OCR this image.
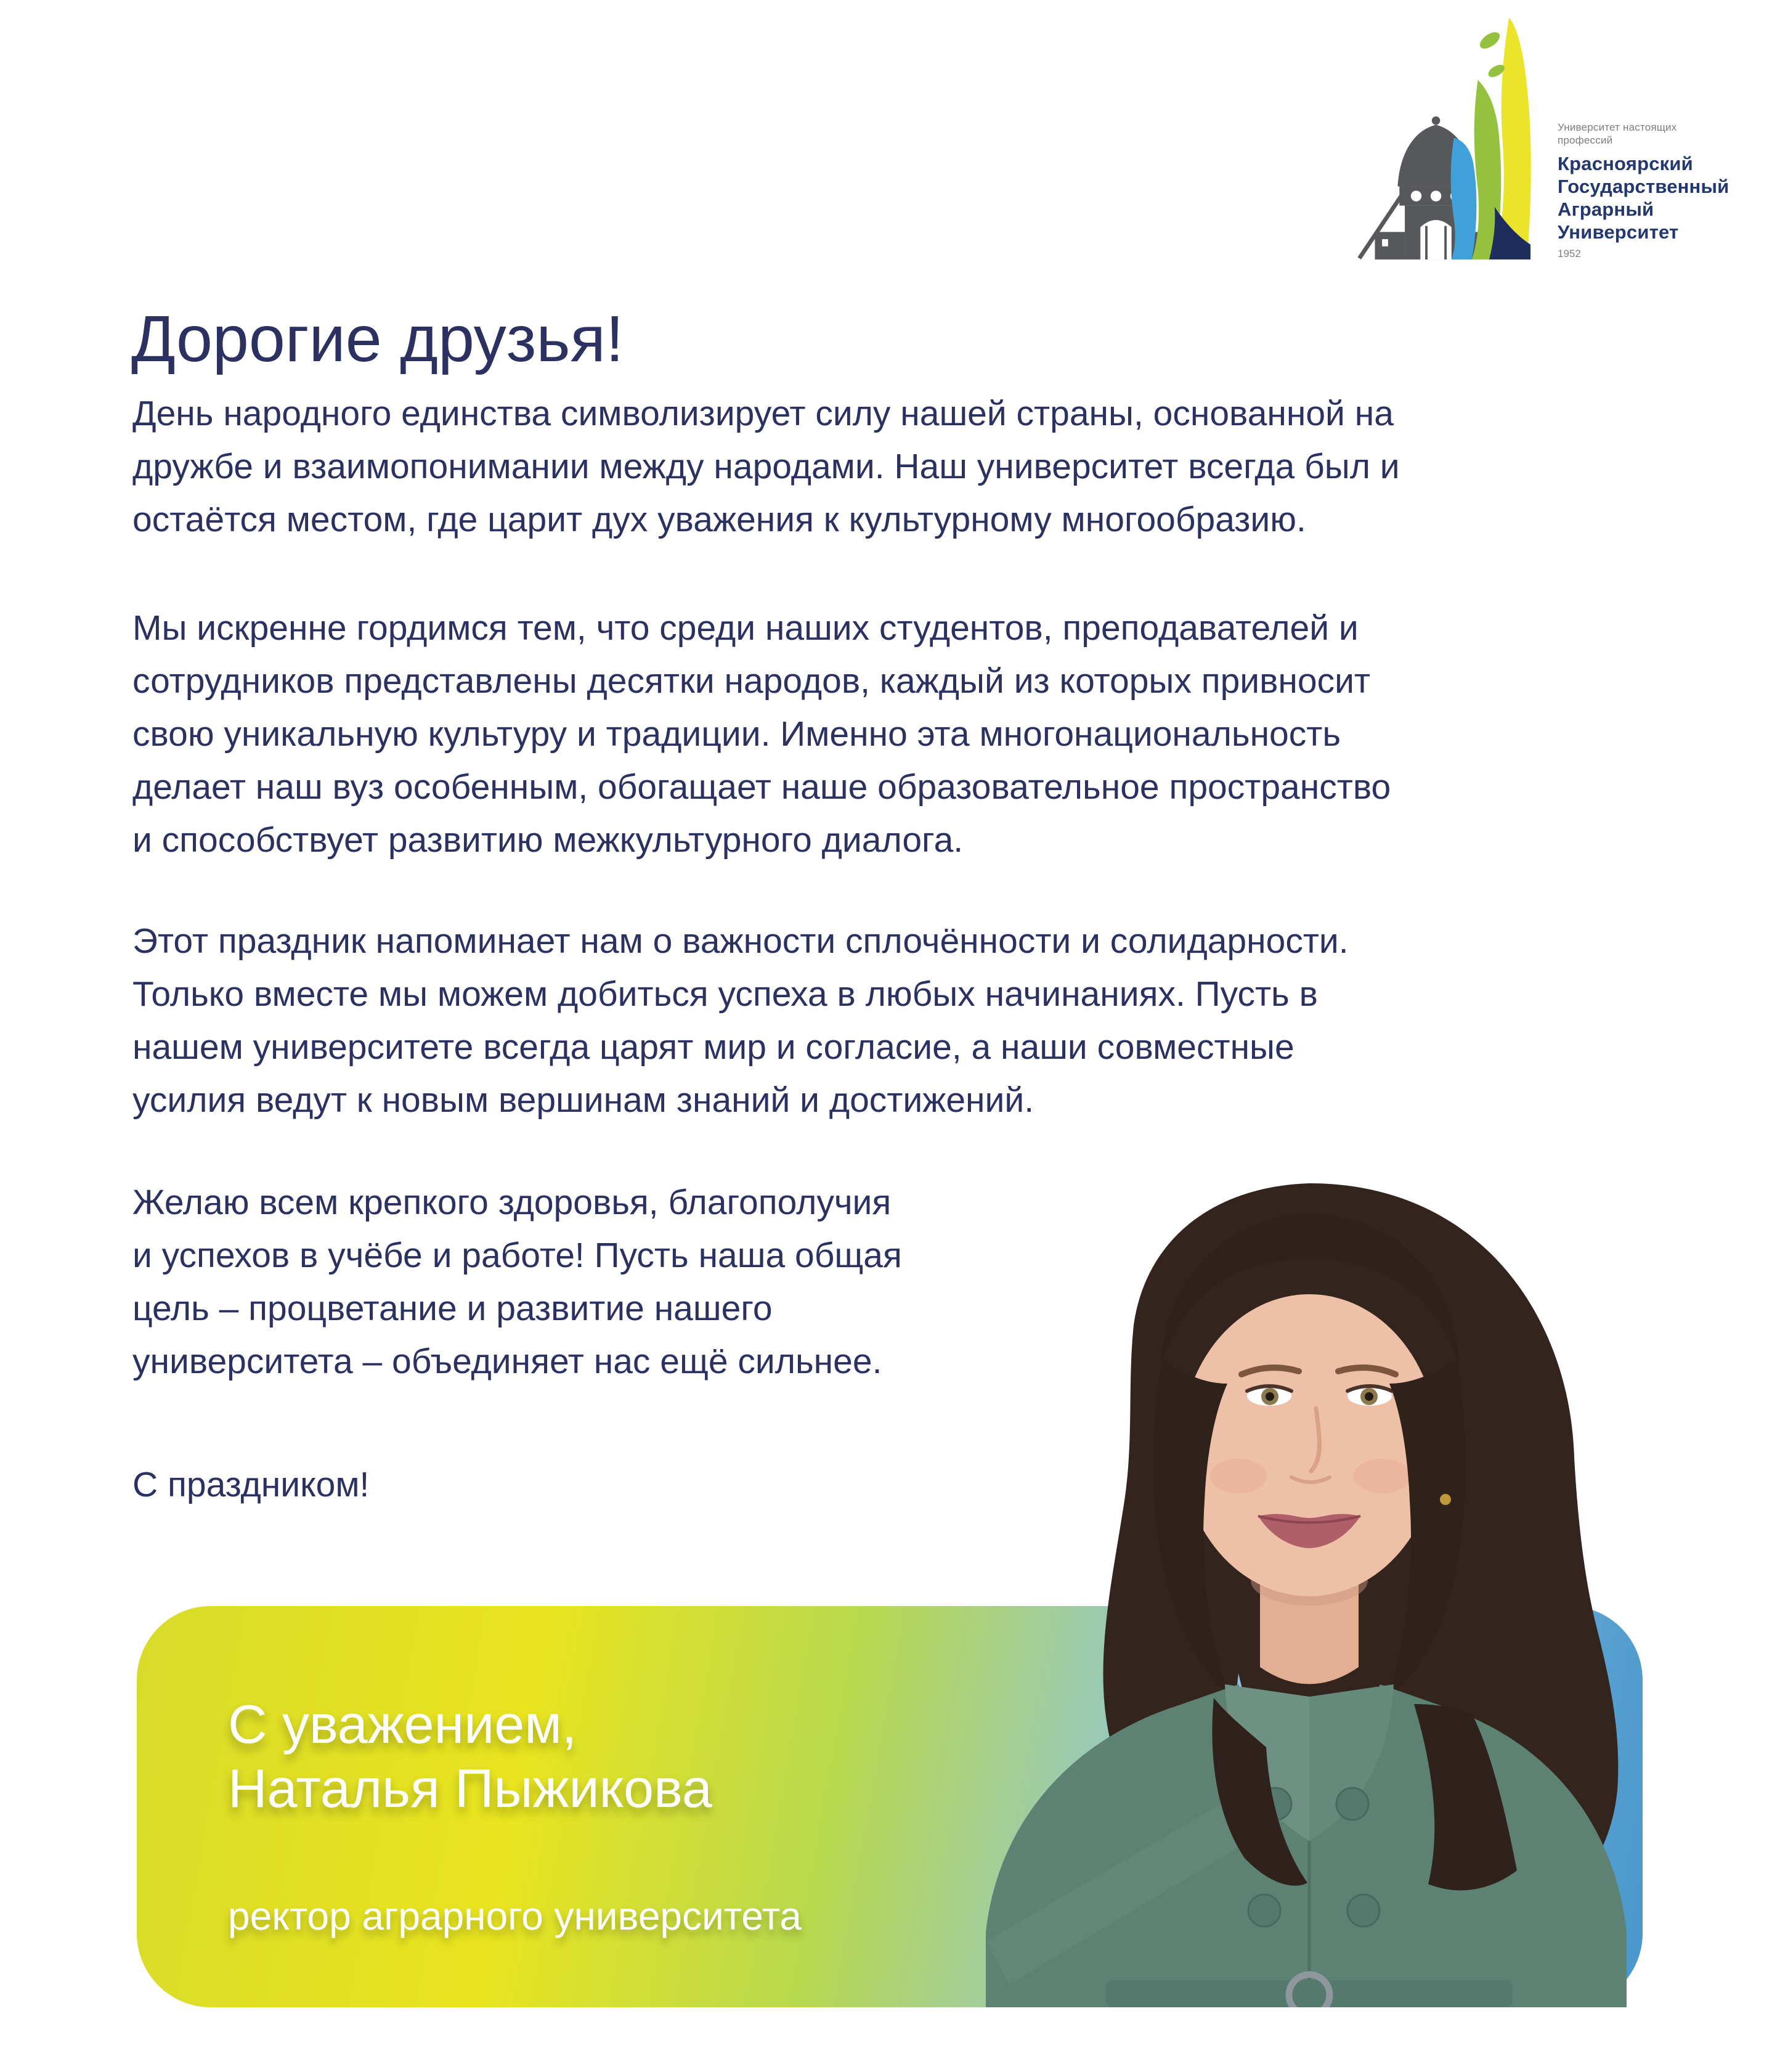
Университет настоящих
профессий
Красноярский
Государственный
Аграрный
Университет
1952
Дорогие друзья!
День народного единства символизирует силу нашей страны, основанной на
дружбе и взаимопонимании между народами. Наш университет всегда был и
остаётся местом, где царит дух уважения к культурному многообразию.
Мы искренне гордимся тем, что среди наших студентов, преподавателей и
сотрудников представлены десятки народов, каждый из которых привносит
свою уникальную культуру и традиции. Именно эта многонациональность
делает наш вуз особенным, обогащает наше образовательное пространство
и способствует развитию межкультурного диалога.
Этот праздник напоминает нам о важности сплочённости и солидарности.
Только вместе мы можем добиться успеха в любых начинаниях. Пусть в
нашем университете всегда царят мир и согласие, а наши совместные
усилия ведут к новым вершинам знаний и достижений.
Желаю всем крепкого здоровья, благополучия
и успехов в учёбе и работе! Пусть наша общая
цель – процветание и развитие нашего
университета – объединяет нас ещё сильнее.
С праздником!
С уважением,
Наталья Пыжикова
ректор аграрного университета
